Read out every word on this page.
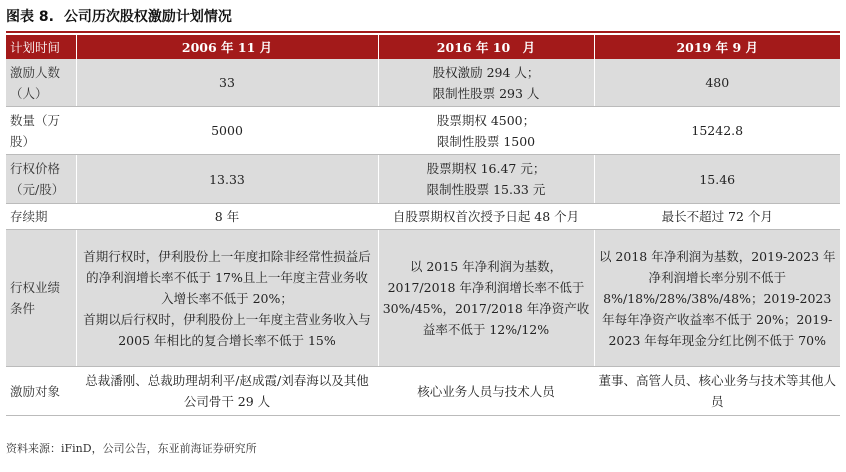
图表 8. 公司历次股权激励计划情况
计划时间	2006 年 11 月	2016 年 10　月	2019 年 9 月
激励人数（人）	33	股权激励 294 人；
限制性股票 293 人	480

数量（万股）	5000	股票期权 4500；
限制性股票 1500	15242.8

行权价格（元/股）	13.33	股票期权 16.47 元；
限制性股票 15.33 元	15.46

存续期	8 年	自股票期权首次授予日起 48 个月	最长不超过 72 个月

行权业绩条件	首期行权时，伊利股份上一年度扣除非经常性损益后的净利润增长率不低于 17%且上一年度主营业务收入增长率不低于 20%；
首期以后行权时，伊利股份上一年度主营业务收入与 2005 年相比的复合增长率不低于 15%	以 2015 年净利润为基数，2017/2018 年净利润增长率不低于 30%/45%，2017/2018 年净资产收益率不低于 12%/12%	以 2018 年净利润为基数，2019-2023 年净利润增长率分别不低于 8%/18%/28%/38%/48%；2019-2023 年每年净资产收益率不低于 20%；2019-2023 年每年现金分红比例不低于 70%

激励对象	总裁潘刚、总裁助理胡利平/赵成霞/刘春海以及其他公司骨干 29 人	核心业务人员与技术人员	董事、高管人员、核心业务与技术等其他人员
资料来源：iFinD，公司公告，东亚前海证券研究所
